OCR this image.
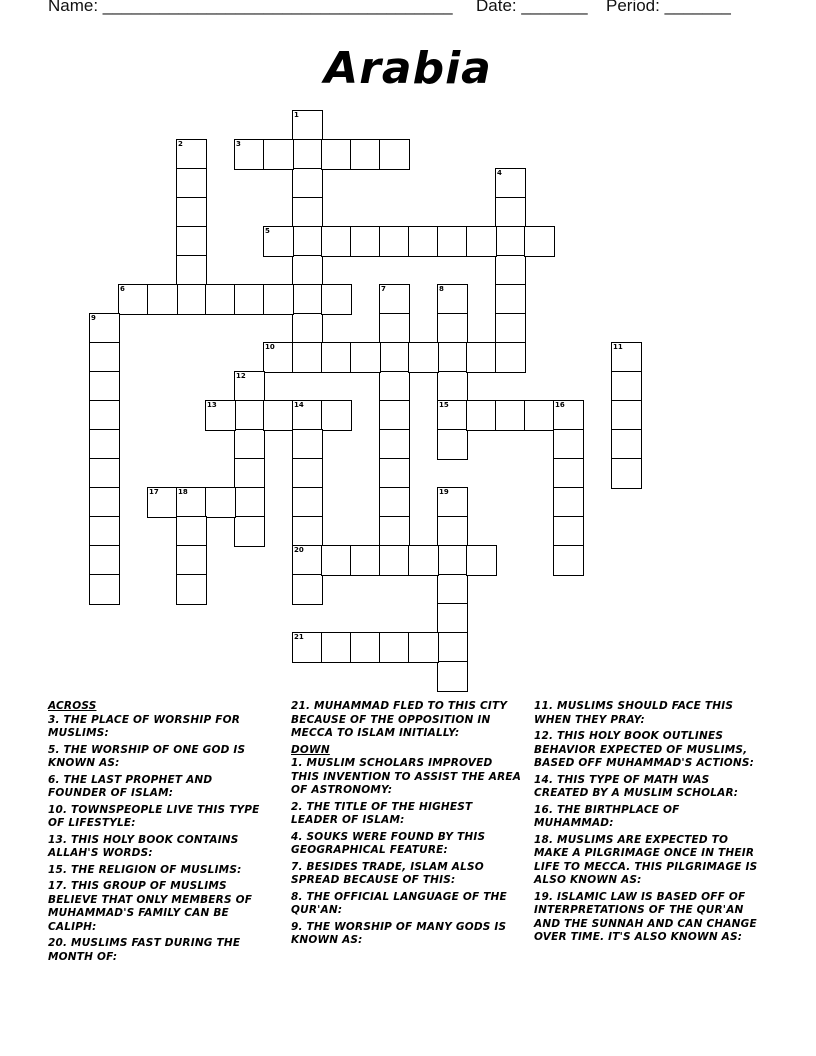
Name: _____________________________________ Date: _______ Period: _______
Arabia
1
2	3
4
5
6	7	8
15
9
10	11
12
13	14
20
16
17	18	19
21
ACROSS
3. THE PLACE OF WORSHIP FOR MUSLIMS:
5. THE WORSHIP OF ONE GOD IS KNOWN AS:
6. THE LAST PROPHET AND FOUNDER OF ISLAM:
10. TOWNSPEOPLE LIVE THIS TYPE OF LIFESTYLE:
13. THIS HOLY BOOK CONTAINS ALLAH'S WORDS:
15. THE RELIGION OF MUSLIMS:
17. THIS GROUP OF MUSLIMS BELIEVE THAT ONLY MEMBERS OF MUHAMMAD'S FAMILY CAN BE CALIPH:
20. MUSLIMS FAST DURING THE MONTH OF:
21. MUHAMMAD FLED TO THIS CITY BECAUSE OF THE OPPOSITION IN MECCA TO ISLAM INITIALLY:
DOWN
1. MUSLIM SCHOLARS IMPROVED THIS INVENTION TO ASSIST THE AREA OF ASTRONOMY:
2. THE TITLE OF THE HIGHEST LEADER OF ISLAM:
4. SOUKS WERE FOUND BY THIS GEOGRAPHICAL FEATURE:
7. BESIDES TRADE, ISLAM ALSO SPREAD BECAUSE OF THIS:
8. THE OFFICIAL LANGUAGE OF THE QUR'AN:
9. THE WORSHIP OF MANY GODS IS KNOWN AS:
11. MUSLIMS SHOULD FACE THIS WHEN THEY PRAY:
12. THIS HOLY BOOK OUTLINES BEHAVIOR EXPECTED OF MUSLIMS, BASED OFF MUHAMMAD'S ACTIONS:
14. THIS TYPE OF MATH WAS CREATED BY A MUSLIM SCHOLAR:
16. THE BIRTHPLACE OF MUHAMMAD:
18. MUSLIMS ARE EXPECTED TO MAKE A PILGRIMAGE ONCE IN THEIR LIFE TO MECCA. THIS PILGRIMAGE IS ALSO KNOWN AS:
19. ISLAMIC LAW IS BASED OFF OF INTERPRETATIONS OF THE QUR'AN AND THE SUNNAH AND CAN CHANGE OVER TIME. IT'S ALSO KNOWN AS:
